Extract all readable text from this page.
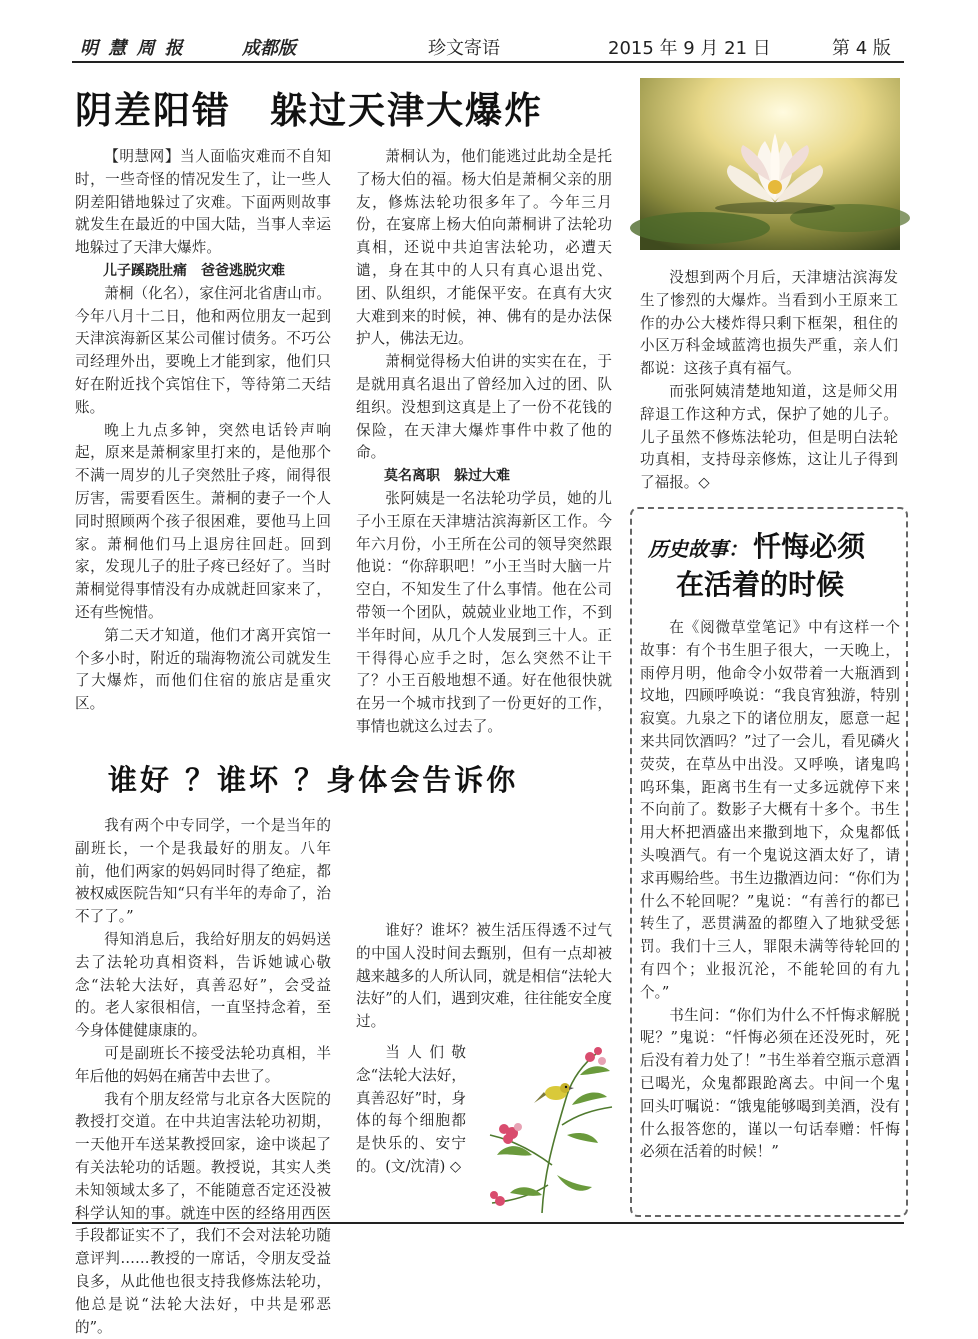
明 慧 周 报	成都版	珍文寄语	2015 年 9 月 21 日	第 4 版
阴差阳错　躲过天津大爆炸

【明慧网】当人面临灾难而不自知时，一些奇怪的情况发生了，让一些人阴差阳错地躲过了灾难。下面两则故事就发生在最近的中国大陆，当事人幸运地躲过了天津大爆炸。

儿子蹊跷肚痛　爸爸逃脱灾难

萧桐（化名），家住河北省唐山市。今年八月十二日，他和两位朋友一起到天津滨海新区某公司催讨债务。不巧公司经理外出，要晚上才能到家，他们只好在附近找个宾馆住下，等待第二天结账。

晚上九点多钟，突然电话铃声响起，原来是萧桐家里打来的，是他那个不满一周岁的儿子突然肚子疼，闹得很厉害，需要看医生。萧桐的妻子一个人同时照顾两个孩子很困难，要他马上回家。萧桐他们马上退房往回赶。回到家，发现儿子的肚子疼已经好了。当时萧桐觉得事情没有办成就赶回家来了，还有些惋惜。

第二天才知道，他们才离开宾馆一个多小时，附近的瑞海物流公司就发生了大爆炸，而他们住宿的旅店是重灾区。

萧桐认为，他们能逃过此劫全是托了杨大伯的福。杨大伯是萧桐父亲的朋友，修炼法轮功很多年了。今年三月份，在宴席上杨大伯向萧桐讲了法轮功真相，还说中共迫害法轮功，必遭天谴，身在其中的人只有真心退出党、团、队组织，才能保平安。在真有大灾大难到来的时候，神、佛有的是办法保护人，佛法无边。

萧桐觉得杨大伯讲的实实在在，于是就用真名退出了曾经加入过的团、队组织。没想到这真是上了一份不花钱的保险，在天津大爆炸事件中救了他的命。

莫名离职　躲过大难

张阿姨是一名法轮功学员，她的儿子小王原在天津塘沽滨海新区工作。今年六月份，小王所在公司的领导突然跟他说：“你辞职吧！”小王当时大脑一片空白，不知发生了什么事情。他在公司带领一个团队，兢兢业业地工作，不到半年时间，从几个人发展到三十人。正干得得心应手之时，怎么突然不让干了？小王百般地想不通。好在他很快就在另一个城市找到了一份更好的工作，事情也就这么过去了。

没想到两个月后，天津塘沽滨海发生了惨烈的大爆炸。当看到小王原来工作的办公大楼炸得只剩下框架，租住的小区万科金域蓝湾也损失严重，亲人们都说：这孩子真有福气。

而张阿姨清楚地知道，这是师父用辞退工作这种方式，保护了她的儿子。儿子虽然不修炼法轮功，但是明白法轮功真相，支持母亲修炼，这让儿子得到了福报。◇

谁好 ？谁坏 ？身体会告诉你

我有两个中专同学，一个是当年的副班长，一个是我最好的朋友。八年前，他们两家的妈妈同时得了绝症，都被权威医院告知“只有半年的寿命了，治不了了。”

得知消息后，我给好朋友的妈妈送去了法轮功真相资料，告诉她诚心敬念“法轮大法好，真善忍好”，会受益的。老人家很相信，一直坚持念着，至今身体健健康康的。

可是副班长不接受法轮功真相，半年后他的妈妈在痛苦中去世了。

我有个朋友经常与北京各大医院的教授打交道。在中共迫害法轮功初期，一天他开车送某教授回家，途中谈起了有关法轮功的话题。教授说，其实人类未知领域太多了，不能随意否定还没被科学认知的事。就连中医的经络用西医手段都证实不了，我们不会对法轮功随意评判……教授的一席话，令朋友受益良多，从此他也很支持我修炼法轮功，他总是说“法轮大法好，中共是邪恶的”。

谁好？谁坏？被生活压得透不过气的中国人没时间去甄别，但有一点却被越来越多的人所认同，就是相信“法轮大法好”的人们，遇到灾难，往往能安全度过。

当人们敬念“法轮大法好，真善忍好”时，身体的每个细胞都是快乐的、安宁的。(文/沈清) ◇

历史故事： 忏悔必须
在活着的时候

在《阅微草堂笔记》中有这样一个故事：有个书生胆子很大，一天晚上，雨停月明，他命令小奴带着一大瓶酒到坟地，四顾呼唤说：“我良宵独游，特别寂寞。九泉之下的诸位朋友，愿意一起来共同饮酒吗？”过了一会儿，看见磷火荧荧，在草丛中出没。又呼唤，诸鬼呜呜环集，距离书生有一丈多远就停下来不向前了。数影子大概有十多个。书生用大杯把酒盛出来撒到地下，众鬼都低头嗅酒气。有一个鬼说这酒太好了，请求再赐给些。书生边撒酒边问：“你们为什么不轮回呢？”鬼说：“有善行的都已转生了，恶贯满盈的都堕入了地狱受惩罚。我们十三人，罪限未满等待轮回的有四个；业报沉沦，不能轮回的有九个。”

书生问：“你们为什么不忏悔求解脱呢？”鬼说：“忏悔必须在还没死时，死后没有着力处了！”书生举着空瓶示意酒已喝光，众鬼都跟跄离去。中间一个鬼回头叮嘱说：“饿鬼能够喝到美酒，没有什么报答您的，谨以一句话奉赠：忏悔必须在活着的时候！”
